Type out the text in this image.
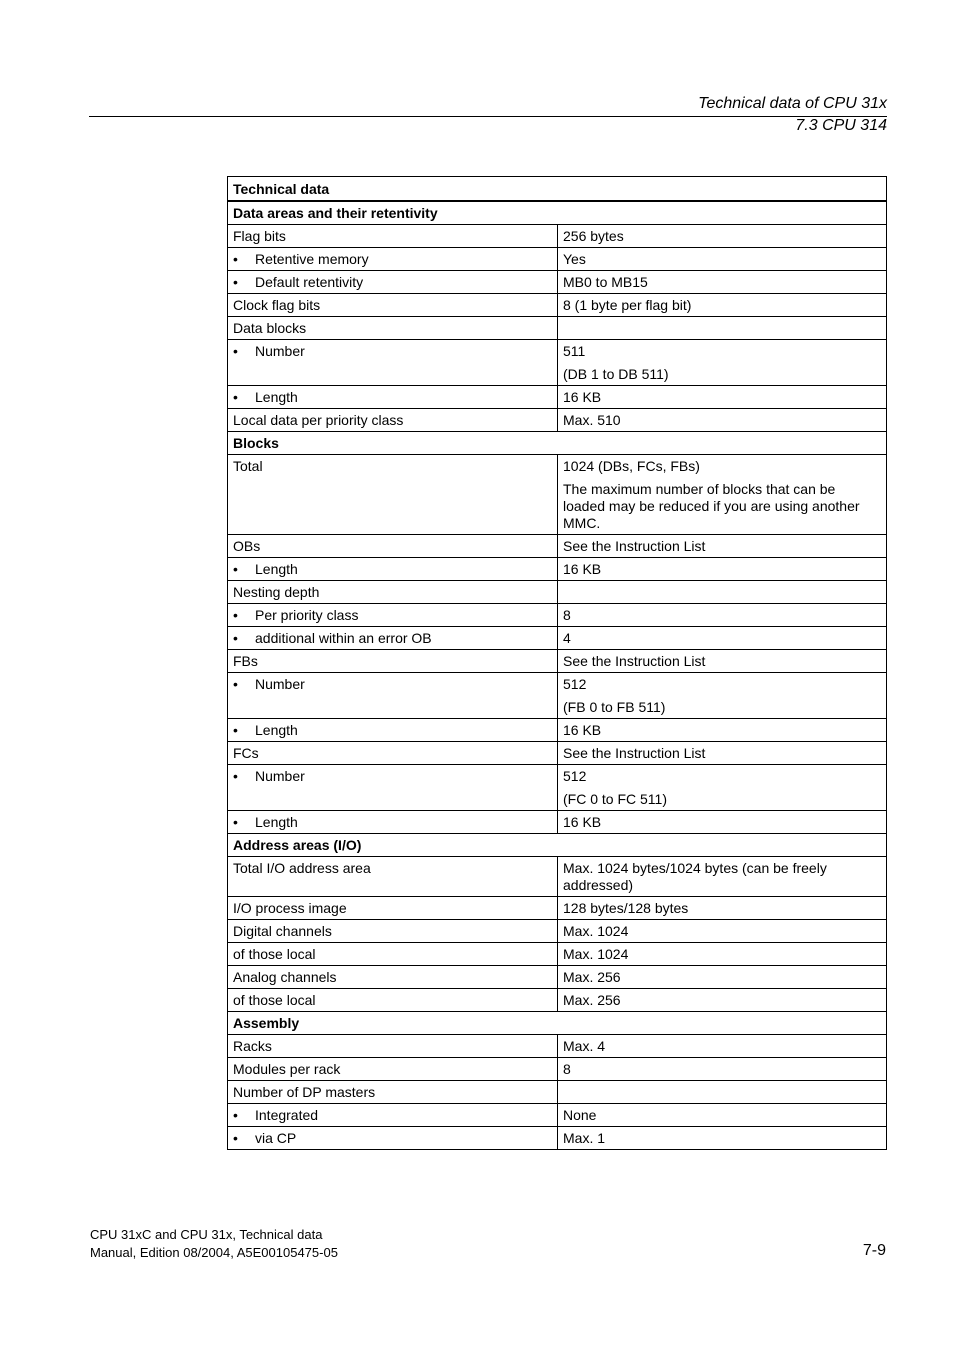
Technical data of CPU 31x
7.3 CPU 314
Technical data	
Data areas and their retentivity	
Flag bits	256 bytes

• Retentive memory	Yes

• Default retentivity	MB0 to MB15

Clock flag bits	8 (1 byte per flag bit)

Data blocks	

• Number	511
(DB 1 to DB 511)

• Length	16 KB

Local data per priority class	Max. 510

Blocks	
Total	1024 (DBs, FCs, FBs)
The maximum number of blocks that can be loaded may be reduced if you are using another MMC.

OBs	See the Instruction List

• Length	16 KB

Nesting depth	

• Per priority class	8

• additional within an error OB	4

FBs	See the Instruction List

• Number	512
(FB 0 to FB 511)

• Length	16 KB

FCs	See the Instruction List

• Number	512
(FC 0 to FC 511)

• Length	16 KB

Address areas (I/O)	
Total I/O address area	Max. 1024 bytes/1024 bytes (can be freely addressed)

I/O process image	128 bytes/128 bytes

Digital channels	Max. 1024

of those local	Max. 1024

Analog channels	Max. 256

of those local	Max. 256

Assembly	
Racks	Max. 4

Modules per rack	8

Number of DP masters	

• Integrated	None

• via CP	Max. 1
CPU 31xC and CPU 31x, Technical data
Manual, Edition 08/2004, A5E00105475-05	7-9
